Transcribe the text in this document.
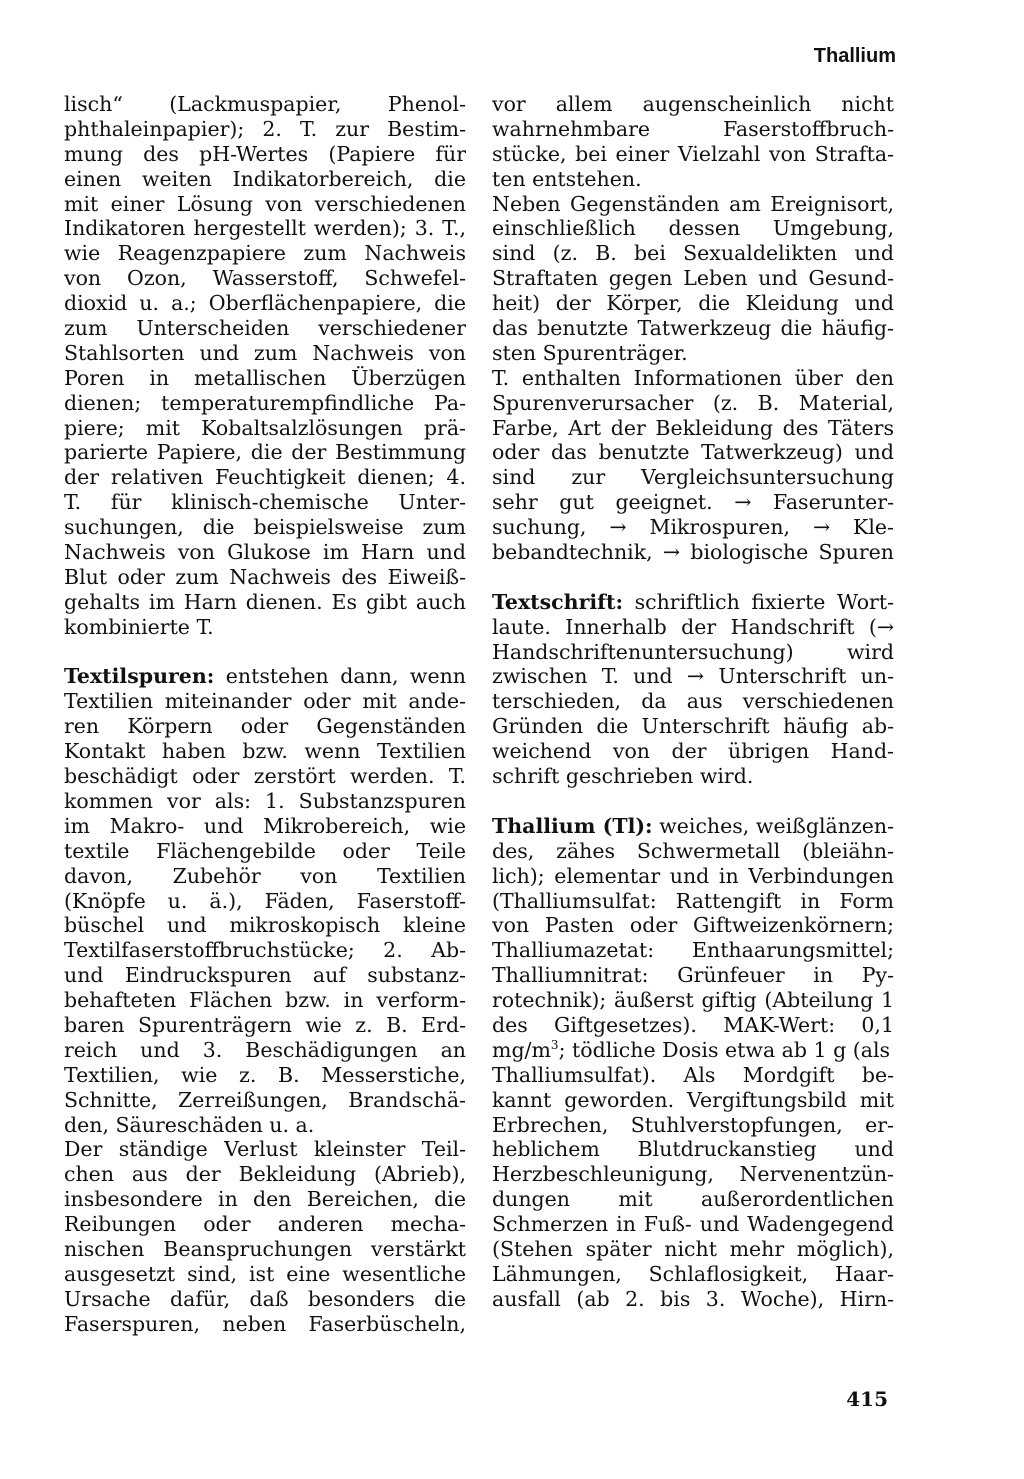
Thallium
lisch“ (Lackmuspapier, Phenol-
phthaleinpapier); 2. T. zur Bestim-
mung des pH-Wertes (Papiere für
einen weiten Indikatorbereich, die
mit einer Lösung von verschiedenen
Indikatoren hergestellt werden); 3. T.,
wie Reagenzpapiere zum Nachweis
von Ozon, Wasserstoff, Schwefel-
dioxid u. a.; Oberflächenpapiere, die
zum Unterscheiden verschiedener
Stahlsorten und zum Nachweis von
Poren in metallischen Überzügen
dienen; temperaturempfindliche Pa-
piere; mit Kobaltsalzlösungen prä-
parierte Papiere, die der Bestimmung
der relativen Feuchtigkeit dienen; 4.
T. für klinisch-chemische Unter-
suchungen, die beispielsweise zum
Nachweis von Glukose im Harn und
Blut oder zum Nachweis des Eiweiß-
gehalts im Harn dienen. Es gibt auch
kombinierte T.
Textilspuren: entstehen dann, wenn
Textilien miteinander oder mit ande-
ren Körpern oder Gegenständen
Kontakt haben bzw. wenn Textilien
beschädigt oder zerstört werden. T.
kommen vor als: 1. Substanzspuren
im Makro- und Mikrobereich, wie
textile Flächengebilde oder Teile
davon, Zubehör von Textilien
(Knöpfe u. ä.), Fäden, Faserstoff-
büschel und mikroskopisch kleine
Textilfaserstoffbruchstücke; 2. Ab-
und Eindruckspuren auf substanz-
behafteten Flächen bzw. in verform-
baren Spurenträgern wie z. B. Erd-
reich und 3. Beschädigungen an
Textilien, wie z. B. Messerstiche,
Schnitte, Zerreißungen, Brandschä-
den, Säureschäden u. a.
Der ständige Verlust kleinster Teil-
chen aus der Bekleidung (Abrieb),
insbesondere in den Bereichen, die
Reibungen oder anderen mecha-
nischen Beanspruchungen verstärkt
ausgesetzt sind, ist eine wesentliche
Ursache dafür, daß besonders die
Faserspuren, neben Faserbüscheln,
vor allem augenscheinlich nicht
wahrnehmbare Faserstoffbruch-
stücke, bei einer Vielzahl von Strafta-
ten entstehen.
Neben Gegenständen am Ereignisort,
einschließlich dessen Umgebung,
sind (z. B. bei Sexualdelikten und
Straftaten gegen Leben und Gesund-
heit) der Körper, die Kleidung und
das benutzte Tatwerkzeug die häufig-
sten Spurenträger.
T. enthalten Informationen über den
Spurenverursacher (z. B. Material,
Farbe, Art der Bekleidung des Täters
oder das benutzte Tatwerkzeug) und
sind zur Vergleichsuntersuchung
sehr gut geeignet. → Faserunter-
suchung, → Mikrospuren, → Kle-
bebandtechnik, → biologische Spuren
Textschrift: schriftlich fixierte Wort-
laute. Innerhalb der Handschrift (→
Handschriftenuntersuchung) wird
zwischen T. und → Unterschrift un-
terschieden, da aus verschiedenen
Gründen die Unterschrift häufig ab-
weichend von der übrigen Hand-
schrift geschrieben wird.
Thallium (Tl): weiches, weißglänzen-
des, zähes Schwermetall (bleiähn-
lich); elementar und in Verbindungen
(Thalliumsulfat: Rattengift in Form
von Pasten oder Giftweizenkörnern;
Thalliumazetat: Enthaarungsmittel;
Thalliumnitrat: Grünfeuer in Py-
rotechnik); äußerst giftig (Abteilung 1
des Giftgesetzes). MAK-Wert: 0,1
$mg/m^3$; tödliche Dosis etwa ab 1 g (als
Thalliumsulfat). Als Mordgift be-
kannt geworden. Vergiftungsbild mit
Erbrechen, Stuhlverstopfungen, er-
heblichem Blutdruckanstieg und
Herzbeschleunigung, Nervenentzün-
dungen mit außerordentlichen
Schmerzen in Fuß- und Wadengegend
(Stehen später nicht mehr möglich),
Lähmungen, Schlaflosigkeit, Haar-
ausfall (ab 2. bis 3. Woche), Hirn-
415
